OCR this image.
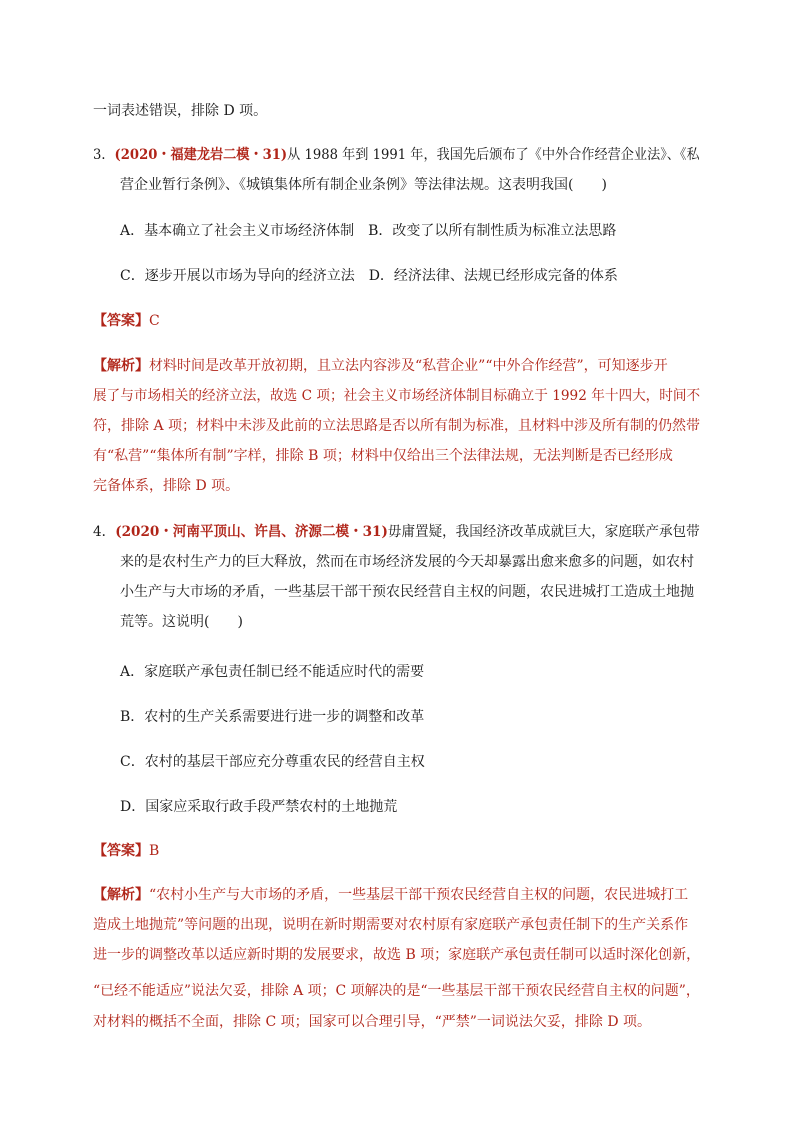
一词表述错误，排除 D 项。
3．(2020・福建龙岩二模・31)从 1988 年到 1991 年，我国先后颁布了《中外合作经营企业法》、《私
营企业暂行条例》、《城镇集体所有制企业条例》等法律法规。这表明我国(　　)
A．基本确立了社会主义市场经济体制　B．改变了以所有制性质为标准立法思路
C．逐步开展以市场为导向的经济立法　D．经济法律、法规已经形成完备的体系
【答案】C
【解析】材料时间是改革开放初期，且立法内容涉及“私营企业”“中外合作经营”，可知逐步开
展了与市场相关的经济立法，故选 C 项；社会主义市场经济体制目标确立于 1992 年十四大，时间不
符，排除 A 项；材料中未涉及此前的立法思路是否以所有制为标准，且材料中涉及所有制的仍然带
有“私营”“集体所有制”字样，排除 B 项；材料中仅给出三个法律法规，无法判断是否已经形成
完备体系，排除 D 项。
4．(2020・河南平顶山、许昌、济源二模・31)毋庸置疑，我国经济改革成就巨大，家庭联产承包带
来的是农村生产力的巨大释放，然而在市场经济发展的今天却暴露出愈来愈多的问题，如农村
小生产与大市场的矛盾，一些基层干部干预农民经营自主权的问题，农民进城打工造成土地抛
荒等。这说明(　　)
A．家庭联产承包责任制已经不能适应时代的需要
B．农村的生产关系需要进行进一步的调整和改革
C．农村的基层干部应充分尊重农民的经营自主权
D．国家应采取行政手段严禁农村的土地抛荒
【答案】B
【解析】“农村小生产与大市场的矛盾，一些基层干部干预农民经营自主权的问题，农民进城打工
造成土地抛荒”等问题的出现，说明在新时期需要对农村原有家庭联产承包责任制下的生产关系作
进一步的调整改革以适应新时期的发展要求，故选 B 项；家庭联产承包责任制可以适时深化创新，
“已经不能适应”说法欠妥，排除 A 项；C 项解决的是“一些基层干部干预农民经营自主权的问题”，
对材料的概括不全面，排除 C 项；国家可以合理引导，“严禁”一词说法欠妥，排除 D 项。
